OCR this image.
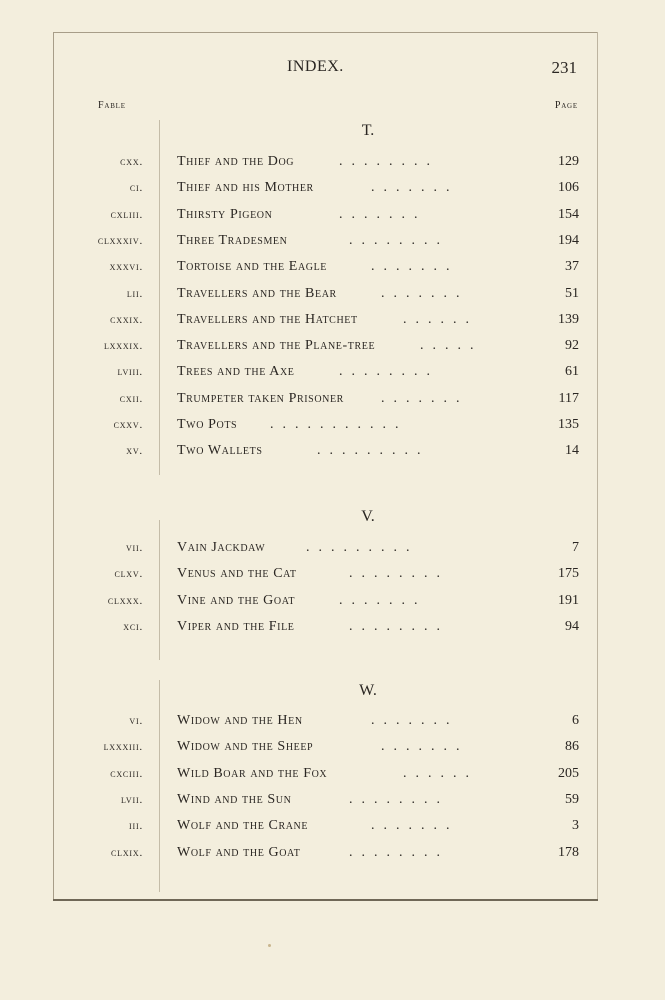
INDEX.	231
Fable	Page
T.
cxx. Thief and the Dog	........	129
ci. Thief and his Mother	.......	106
cxliii. Thirsty Pigeon	.......	154
clxxxiv. Three Tradesmen	........	194
xxxvi. Tortoise and the Eagle	.......	37
lii. Travellers and the Bear	.......	51
cxxix. Travellers and the Hatchet	......	139
lxxxix. Travellers and the Plane-tree	.....	92
lviii. Trees and the Axe	........	61
cxii. Trumpeter taken Prisoner	.......	117
cxxv. Two Pots ...........	135
xv. Two Wallets	.........	14
V.
vii. Vain Jackdaw	.........	7
clxv. Venus and the Cat	........	175
clxxx. Vine and the Goat	.......	191
xci. Viper and the File	........	94
W.
vi. Widow and the Hen	.......	6
lxxxiii. Widow and the Sheep	.......	86
cxciii. Wild Boar and the Fox	......	205
lvii. Wind and the Sun	........	59
iii. Wolf and the Crane	.......	3
clxix. Wolf and the Goat	........	178
